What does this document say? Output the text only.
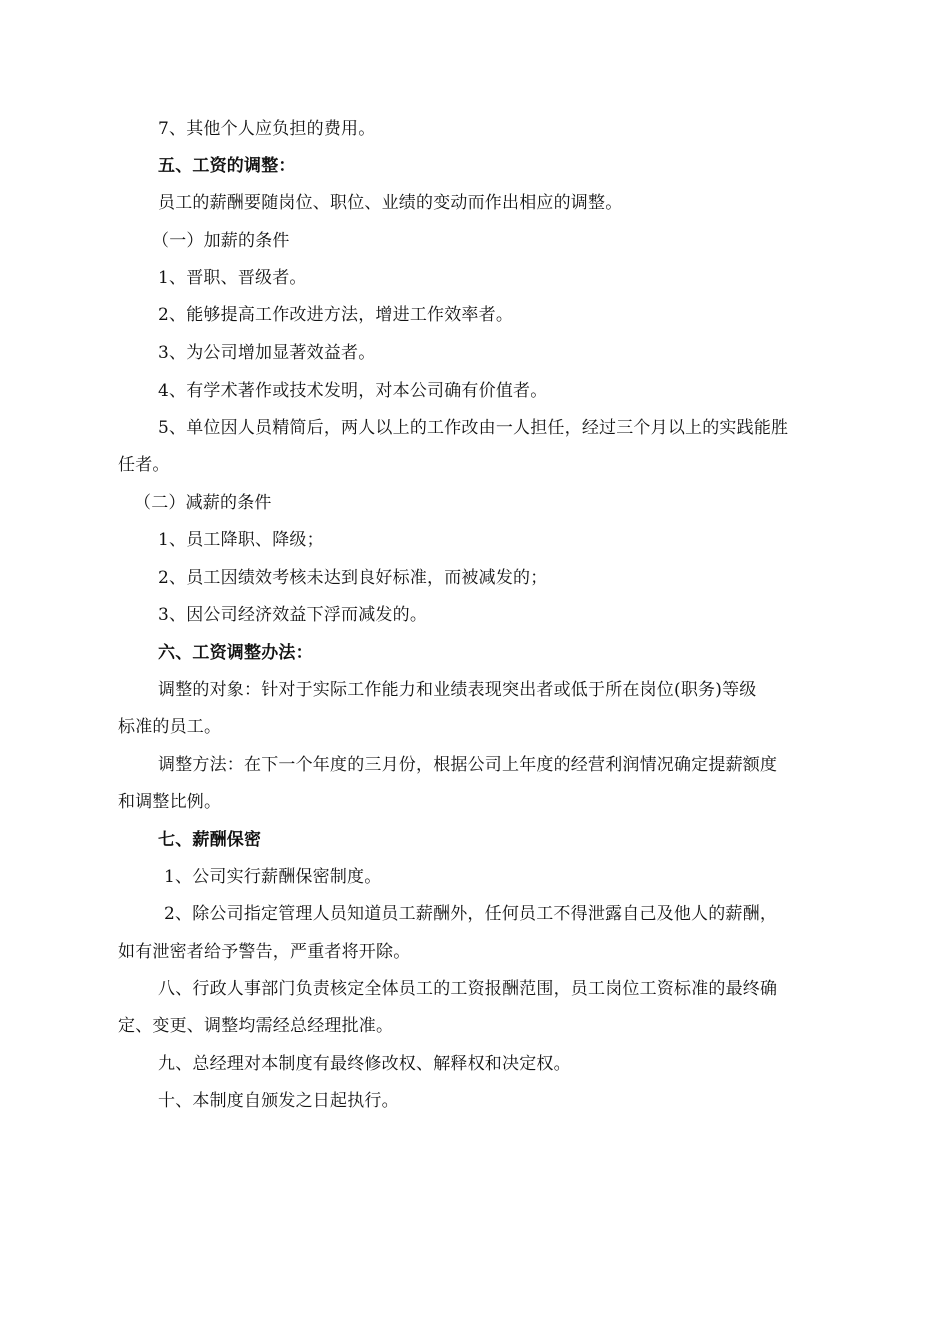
7、其他个人应负担的费用。
五、工资的调整：
员工的薪酬要随岗位、职位、业绩的变动而作出相应的调整。
（一）加薪的条件
1、晋职、晋级者。
2、能够提高工作改进方法，增进工作效率者。
3、为公司增加显著效益者。
4、有学术著作或技术发明，对本公司确有价值者。
5、单位因人员精简后，两人以上的工作改由一人担任，经过三个月以上的实践能胜
任者。
（二）减薪的条件
1、员工降职、降级；
2、员工因绩效考核未达到良好标准，而被减发的；
3、因公司经济效益下浮而减发的。
六、工资调整办法：
调整的对象：针对于实际工作能力和业绩表现突出者或低于所在岗位(职务)等级
标准的员工。
调整方法：在下一个年度的三月份，根据公司上年度的经营利润情况确定提薪额度
和调整比例。
七、薪酬保密
1、公司实行薪酬保密制度。
2、除公司指定管理人员知道员工薪酬外，任何员工不得泄露自己及他人的薪酬，
如有泄密者给予警告，严重者将开除。
八、行政人事部门负责核定全体员工的工资报酬范围，员工岗位工资标准的最终确
定、变更、调整均需经总经理批准。
九、总经理对本制度有最终修改权、解释权和决定权。
十、本制度自颁发之日起执行。
